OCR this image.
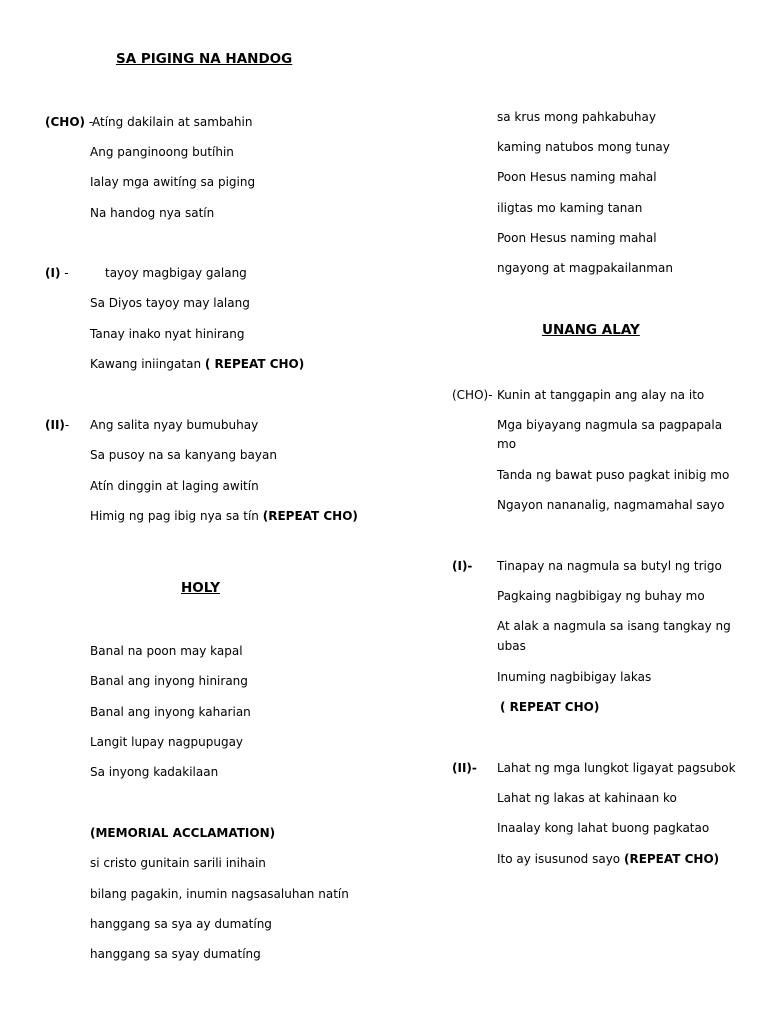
SA PIGING NA HANDOG
(CHO) -
Atíng dakilain at sambahin
Ang panginoong butíhin
Ialay mga awitíng sa piging
Na handog nya satín
(I) -	tayoy magbigay galang
Sa Diyos tayoy may lalang
Tanay inako nyat hinirang
Kawang iniingatan ( REPEAT CHO)
(II)- Ang salita nyay bumubuhay
Sa pusoy na sa kanyang bayan
Atín dinggin at laging awitín
Himig ng pag ibig nya sa tín (REPEAT CHO)
HOLY
Banal na poon may kapal
Banal ang inyong hinirang
Banal ang inyong kaharian
Langit lupay nagpupugay
Sa inyong kadakilaan
(MEMORIAL ACCLAMATION)
si cristo gunitain sarili inihain
bilang pagakin, inumin nagsasaluhan natín
hanggang sa sya ay dumatíng
hanggang sa syay dumatíng
sa krus mong pahkabuhay
kaming natubos mong tunay
Poon Hesus naming mahal
iligtas mo kaming tanan
Poon Hesus naming mahal
ngayong at magpakailanman
UNANG ALAY
(CHO)- Kunin at tanggapin ang alay na ito
Mga biyayang nagmula sa pagpapala
mo
Tanda ng bawat puso pagkat inibig mo
Ngayon nananalig, nagmamahal sayo
(I)- Tinapay na nagmula sa butyl ng trigo
Pagkaing nagbibigay ng buhay mo
At alak a nagmula sa isang tangkay ng
ubas
Inuming nagbibigay lakas
( REPEAT CHO)
(II)- Lahat ng mga lungkot ligayat pagsubok
Lahat ng lakas at kahinaan ko
Inaalay kong lahat buong pagkatao
Ito ay isusunod sayo (REPEAT CHO)
